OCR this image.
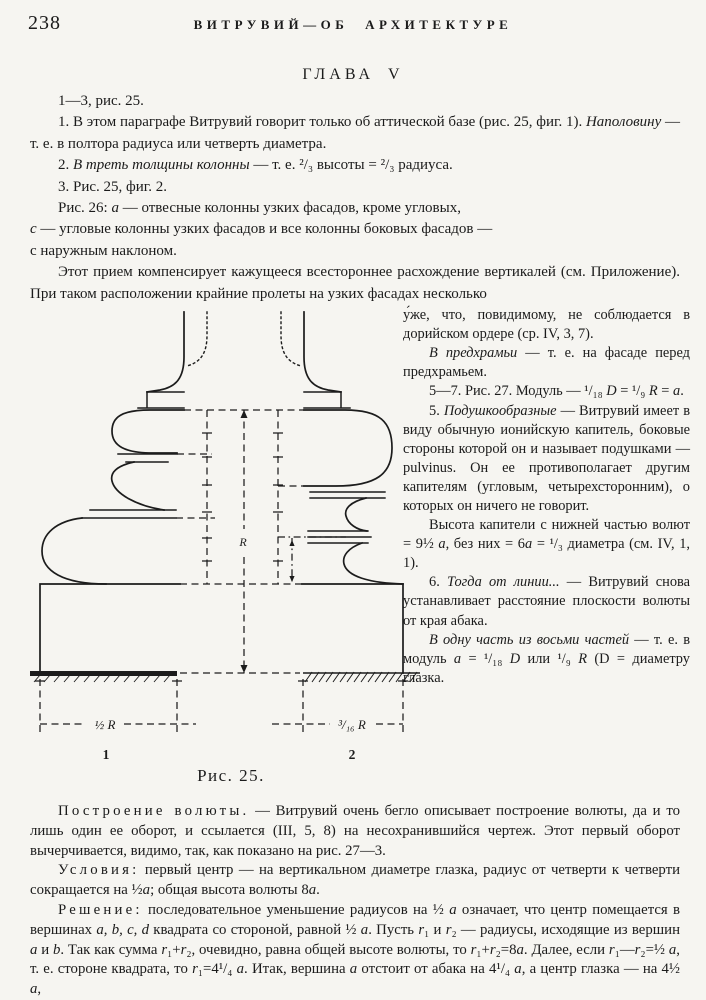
238	ВИТРУВИЙ—ОБ АРХИТЕКТУРЕ
ГЛАВА V

1—3, рис. 25.

1. В этом параграфе Витрувий говорит только об аттической базе (рис. 25, фиг. 1). Наполовину — т. е. в полтора радиуса или четверть диаметра.

2. В треть толщины колонны — т. е. ²/₃ высоты = ²/₃ радиуса.

3. Рис. 25, фиг. 2.

Рис. 26: а — отвесные колонны узких фасадов, кроме угловых,

с — угловые колонны узких фасадов и все колонны боковых фасадов —

с наружным наклоном.

Этот прием компенсирует кажущееся всестороннее расхождение вертикалей (см. Приложение). При таком расположении крайние пролеты на узких фасадах несколько

R
½ R	³/₁₆ R
1	2
Рис. 25.

у́же, что, повидимому, не соблюдается в дорийском ордере (ср. IV, 3, 7).

В предхрамьи — т. е. на фасаде перед предхрамьем.

5—7. Рис. 27. Модуль — ¹/₁₈ D = ¹/₉ R = a.

5. Подушкообразные — Витрувий имеет в виду обычную ионийскую капитель, боковые стороны которой он и называет подушками — pulvinus. Он ее противополагает другим капителям (угловым, четырехсторонним), о которых он ничего не говорит.

Высота капители с нижней частью волют = 9½ a, без них = 6a = ¹/₃ диаметра (см. IV, 1, 1).

6. Тогда от линии... — Витрувий снова устанавливает расстояние плоскости волюты от края абака.

В одну часть из восьми частей — т. е. в модуль a = ¹/₁₈ D или ¹/₉ R (D = диаметру глазка.

Построение волюты. — Витрувий очень бегло описывает построение волюты, да и то лишь один ее оборот, и ссылается (III, 5, 8) на несохранившийся чертеж. Этот первый оборот вычерчивается, видимо, так, как показано на рис. 27—3.

Условия: первый центр — на вертикальном диаметре глазка, радиус от четверти к четверти сокращается на ½a; общая высота волюты 8a.

Решение: последовательное уменьшение радиусов на ½ a означает, что центр помещается в вершинах a, b, c, d квадрата со стороной, равной ½ a. Пусть r₁ и r₂ — радиусы, исходящие из вершин a и b. Так как сумма r₁+r₂, очевидно, равна общей высоте волюты, то r₁+r₂=8a. Далее, если r₁—r₂=½ a, т. е. стороне квадрата, то r₁=4¹/₄ a. Итак, вершина a отстоит от абака на 4¹/₄ a, а центр глазка — на 4½ a,
